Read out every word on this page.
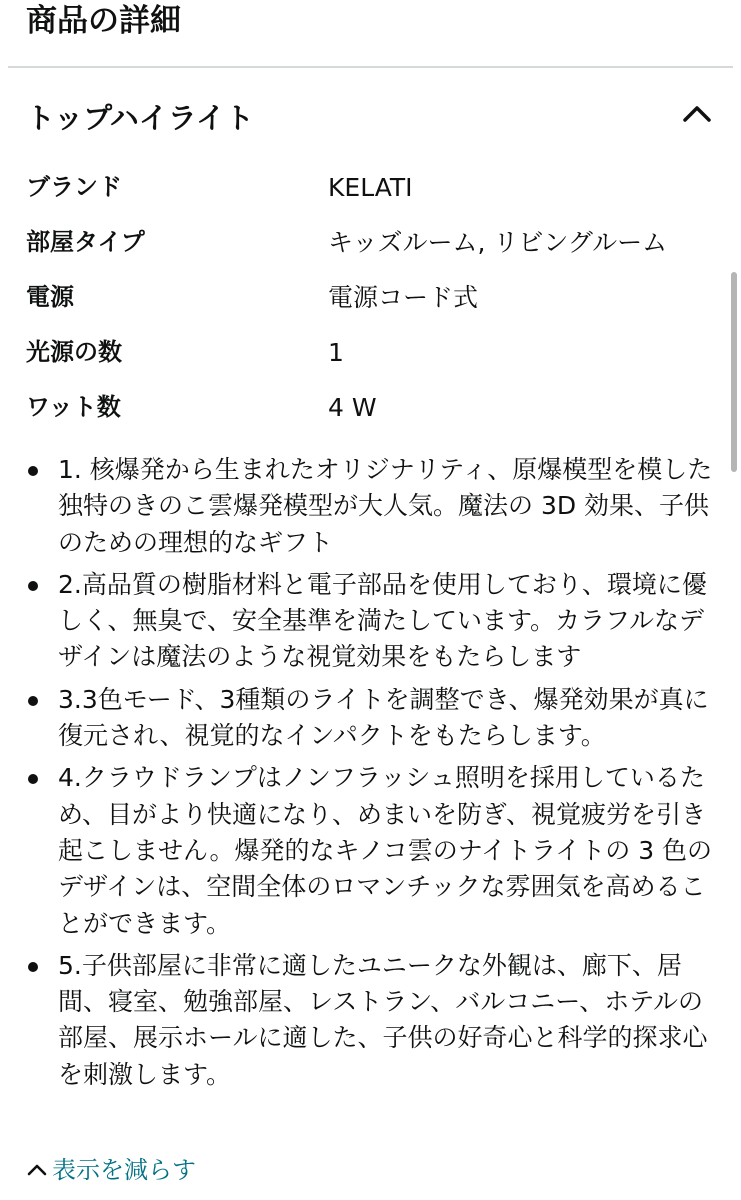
商品の詳細
トップハイライト
ブランド	KELATI
部屋タイプ	キッズルーム, リビングルーム
電源	電源コード式
光源の数	1
ワット数	4 W
1. 核爆発から生まれたオリジナリティ、原爆模型を模した独特のきのこ雲爆発模型が大人気。魔法の 3D 効果、子供のための理想的なギフト
2.高品質の樹脂材料と電子部品を使用しており、環境に優しく、無臭で、安全基準を満たしています。カラフルなデザインは魔法のような視覚効果をもたらします
3.3色モード、3種類のライトを調整でき、爆発効果が真に復元され、視覚的なインパクトをもたらします。
4.クラウドランプはノンフラッシュ照明を採用しているため、目がより快適になり、めまいを防ぎ、視覚疲労を引き起こしません。爆発的なキノコ雲のナイトライトの 3 色のデザインは、空間全体のロマンチックな雰囲気を高めることができます。
5.子供部屋に非常に適したユニークな外観は、廊下、居間、寝室、勉強部屋、レストラン、バルコニー、ホテルの部屋、展示ホールに適した、子供の好奇心と科学的探求心を刺激します。
表示を減らす
